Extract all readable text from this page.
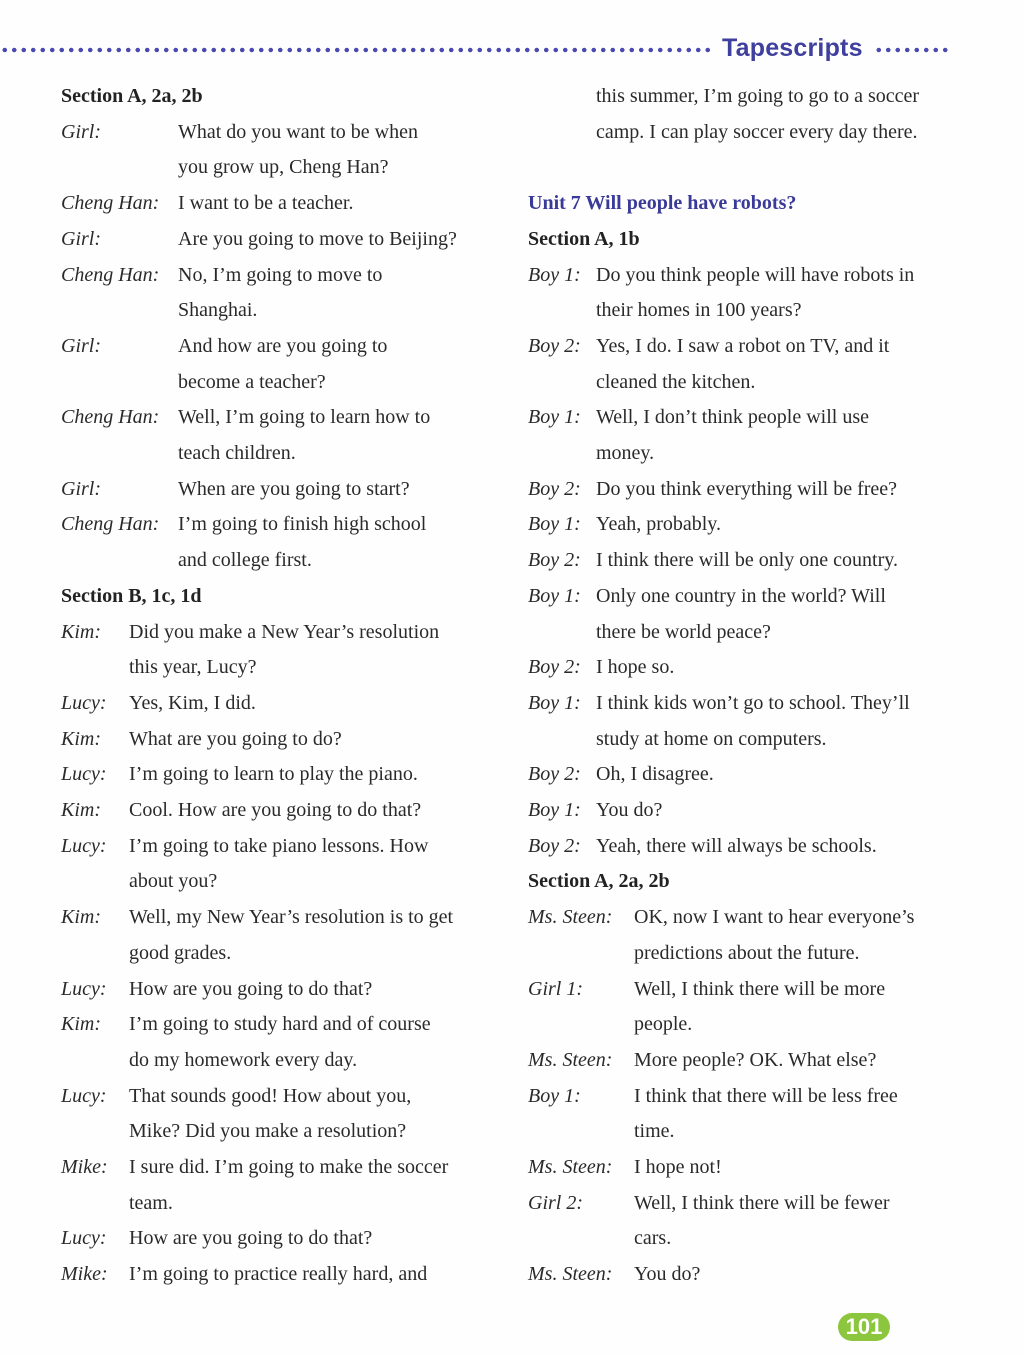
Tapescripts
Section A, 2a, 2b
Girl:	What do you want to be when
you grow up, Cheng Han?
Cheng Han: I want to be a teacher.
Girl:	Are you going to move to Beijing?
Cheng Han: No, I’m going to move to
Shanghai.
Girl:	And how are you going to
become a teacher?
Cheng Han: Well, I’m going to learn how to
teach children.
Girl:	When are you going to start?
Cheng Han: I’m going to finish high school
and college first.
Section B, 1c, 1d
Kim: Did you make a New Year’s resolution
this year, Lucy?
Lucy: Yes, Kim, I did.
Kim: What are you going to do?
Lucy: I’m going to learn to play the piano.
Kim: Cool. How are you going to do that?
Lucy: I’m going to take piano lessons. How
about you?
Kim: Well, my New Year’s resolution is to get
good grades.
Lucy: How are you going to do that?
Kim: I’m going to study hard and of course
do my homework every day.
Lucy: That sounds good! How about you,
Mike? Did you make a resolution?
Mike: I sure did. I’m going to make the soccer
team.
Lucy: How are you going to do that?
Mike: I’m going to practice really hard, and
this summer, I’m going to go to a soccer
camp. I can play soccer every day there.
Unit 7 Will people have robots?
Section A, 1b
Boy 1: Do you think people will have robots in
their homes in 100 years?
Boy 2: Yes, I do. I saw a robot on TV, and it
cleaned the kitchen.
Boy 1: Well, I don’t think people will use
money.
Boy 2: Do you think everything will be free?
Boy 1: Yeah, probably.
Boy 2: I think there will be only one country.
Boy 1: Only one country in the world? Will
there be world peace?
Boy 2: I hope so.
Boy 1: I think kids won’t go to school. They’ll
study at home on computers.
Boy 2: Oh, I disagree.
Boy 1: You do?
Boy 2: Yeah, there will always be schools.
Section A, 2a, 2b
Ms. Steen: OK, now I want to hear everyone’s
predictions about the future.
Girl 1:	Well, I think there will be more
people.
Ms. Steen: More people? OK. What else?
Boy 1:	I think that there will be less free
time.
Ms. Steen: I hope not!
Girl 2:	Well, I think there will be fewer
cars.
Ms. Steen: You do?
101
